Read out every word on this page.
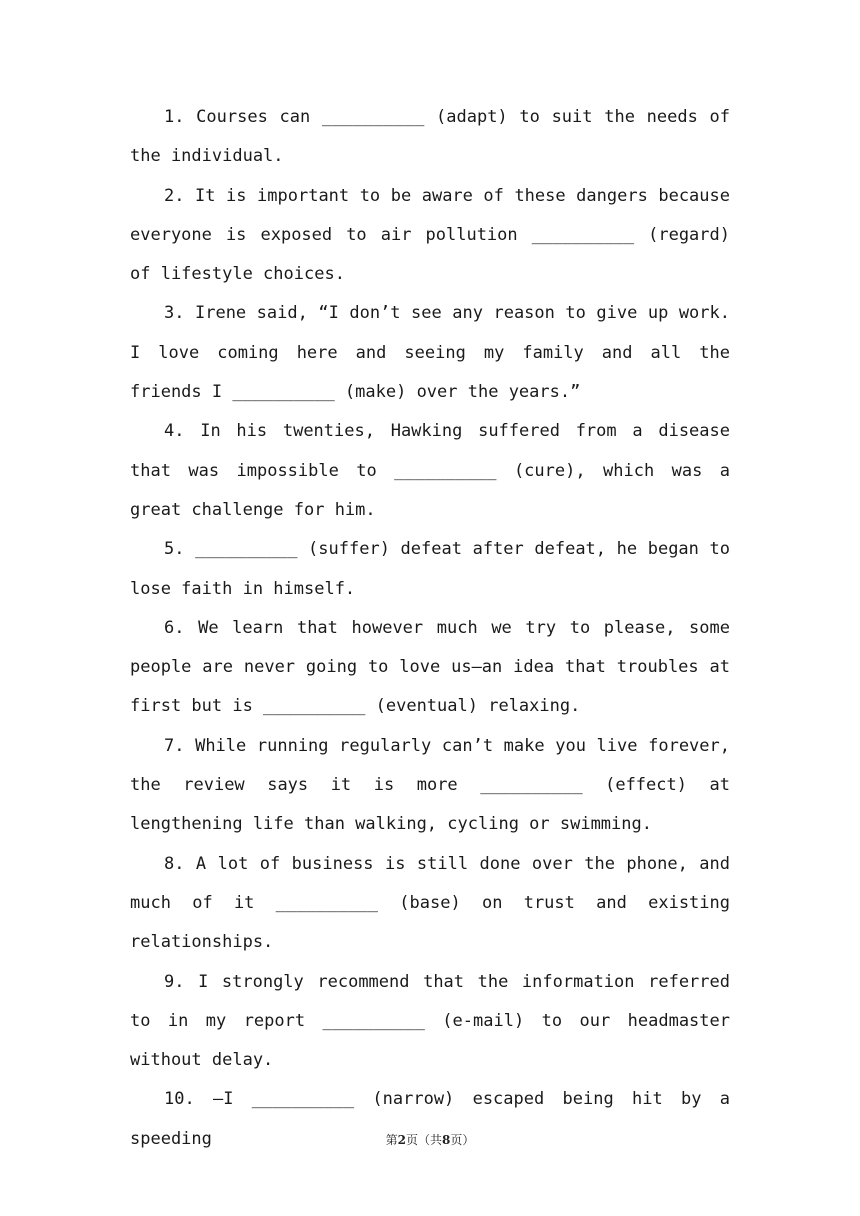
1. Courses can __________ (adapt) to suit the needs of the individual.

2. It is important to be aware of these dangers because everyone is exposed to air pollution __________ (regard) of lifestyle choices.

3. Irene said, “I don’t see any reason to give up work. I love coming here and seeing my family and all the friends I __________ (make) over the years.”

4. In his twenties, Hawking suffered from a disease that was impossible to __________ (cure), which was a great challenge for him.

5. __________ (suffer) defeat after defeat, he began to lose faith in himself.

6. We learn that however much we try to please, some people are never going to love us—an idea that troubles at first but is __________ (eventual) relaxing.

7. While running regularly can’t make you live forever, the review says it is more __________ (effect) at lengthening life than walking, cycling or swimming.

8. A lot of business is still done over the phone, and much of it __________ (base) on trust and existing relationships.

9. I strongly recommend that the information referred to in my report __________ (e-mail) to our headmaster without delay.

10. —I __________ (narrow) escaped being hit by a speeding	第2页（共8页）
